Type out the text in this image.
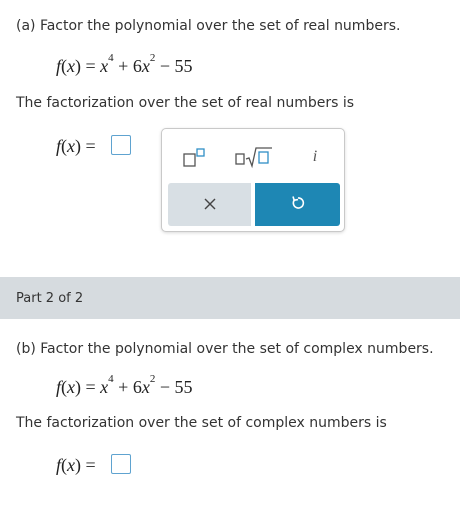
(a) Factor the polynomial over the set of real numbers.
$f(x) = x^4 + 6x^2 - 55$
The factorization over the set of real numbers is
f(x) =
i
Part 2 of 2
(b) Factor the polynomial over the set of complex numbers.
$f(x) = x^4 + 6x^2 - 55$
The factorization over the set of complex numbers is
f(x) =
